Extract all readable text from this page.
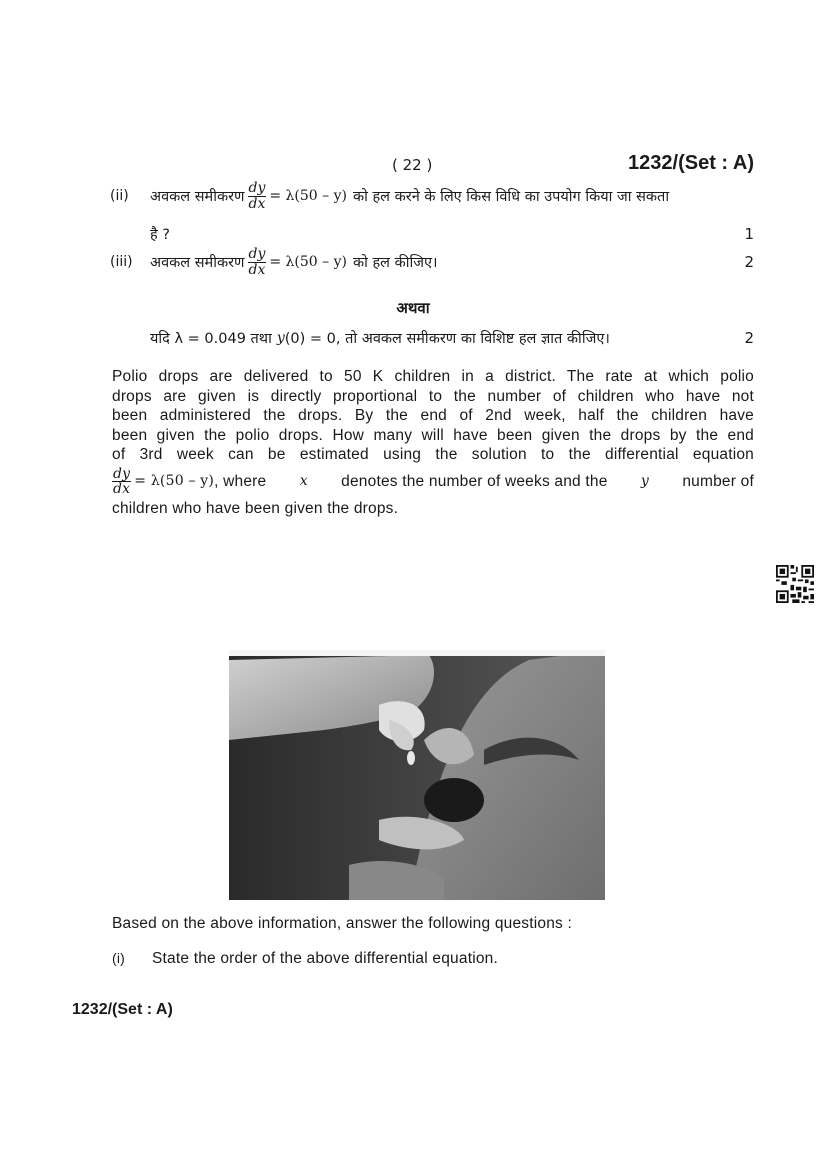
( 22 )	1232/(Set : A)
(ii)	अवकल समीकरण $\frac{dy}{dx} = \lambda(50 - y)$ को हल करने के लिए किस विधि का उपयोग किया जा सकता
है ?	1
(iii)	अवकल समीकरण $\frac{dy}{dx} = \lambda(50 - y)$ को हल कीजिए।	2
अथवा
यदि λ = 0.049 तथा y (0) = 0, तो अवकल समीकरण का विशिष्ट हल ज्ञात कीजिए।	2
Polio drops are delivered to 50 K children in a district. The rate at which polio
drops are given is directly proportional to the number of children who have not
been administered the drops. By the end of 2nd week, half the children have
been given the polio drops. How many will have been given the drops by the end
of 3rd week can be estimated using the solution to the differential equation
$\frac{dy}{dx} = \lambda(50 - y)$ , where x denotes the number of weeks and the y number of
children who have been given the drops.
Based on the above information, answer the following questions :
(i)	State the order of the above differential equation.
1232/(Set : A)
